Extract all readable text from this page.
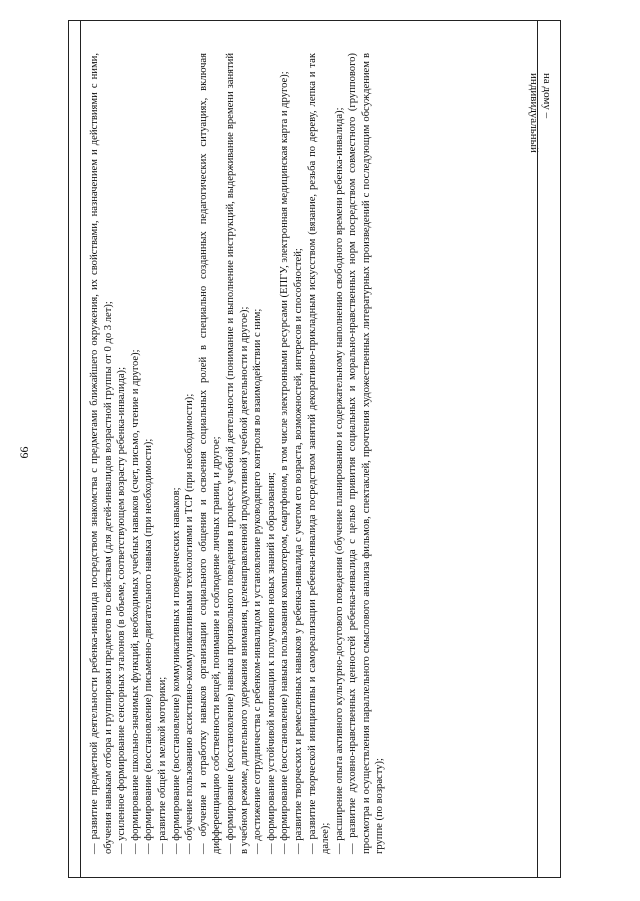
99	— развитие предметной деятельности ребенка-инвалида посредством знакомства с предметами ближайшего окружения, их свойствами, назначением и действиями с ними, обучения навыкам отбора и группировки предметов по свойствам (для детей-инвалидов возрастной группы от 0 до 3 лет); — усиленное формирование сенсорных эталонов (в объеме, соответствующем возрасту ребенка-инвалида); — формирование школьно-значимых функций, необходимых учебных навыков (счет, письмо, чтение и другое); — формирование (восстановление) письменно-двигательного навыка (при необходимости); — развитие общей и мелкой моторики; — формирование (восстановление) коммуникативных и поведенческих навыков; — обучение пользованию ассистивно-коммуникативными технологиями и ТСР (при необходимости); — обучение и отработку навыков организации социального общения и освоения социальных ролей в специально созданных педагогических ситуациях, включая дифференциацию собственности вещей, понимание и соблюдение личных границ, и другое; — формирование (восстановление) навыка произвольного поведения в процессе учебной деятельности (понимание и выполнение инструкций, выдерживание времени занятий в учебном режиме, длительного удержания внимания, целенаправленной продуктивной учебной деятельности и другое); — достижение сотрудничества с ребенком-инвалидом и установление руководящего контроля во взаимодействии с ним; — формирование устойчивой мотивации к получению новых знаний и образования; — формирование (восстановление) навыка пользования компьютером, смартфоном, в том числе электронными ресурсами (ЕПГУ, электронная медицинская карта и другое); — развитие творческих и ремесленных навыков у ребенка-инвалида с учетом его возраста, возможностей, интересов и способностей; — развитие творческой инициативы и самореализации ребенка-инвалида посредством занятий декоративно-прикладным искусством (вязание, резьба по дереву, лепка и так далее); — расширение опыта активного культурно-досугового поведения (обучение планированию и содержательному наполнению свободного времени ребенка-инвалида); — развитие духовно-нравственных ценностей ребенка-инвалида с целью привития социальных и морально-нравственных норм посредством совместного (группового) просмотра и осуществления параллельного смыслового анализа фильмов, спектаклей, прочтения художественных литературных произведений с последующим обсуждением в группе (по возрасту);

на дому –
индивидуальный
